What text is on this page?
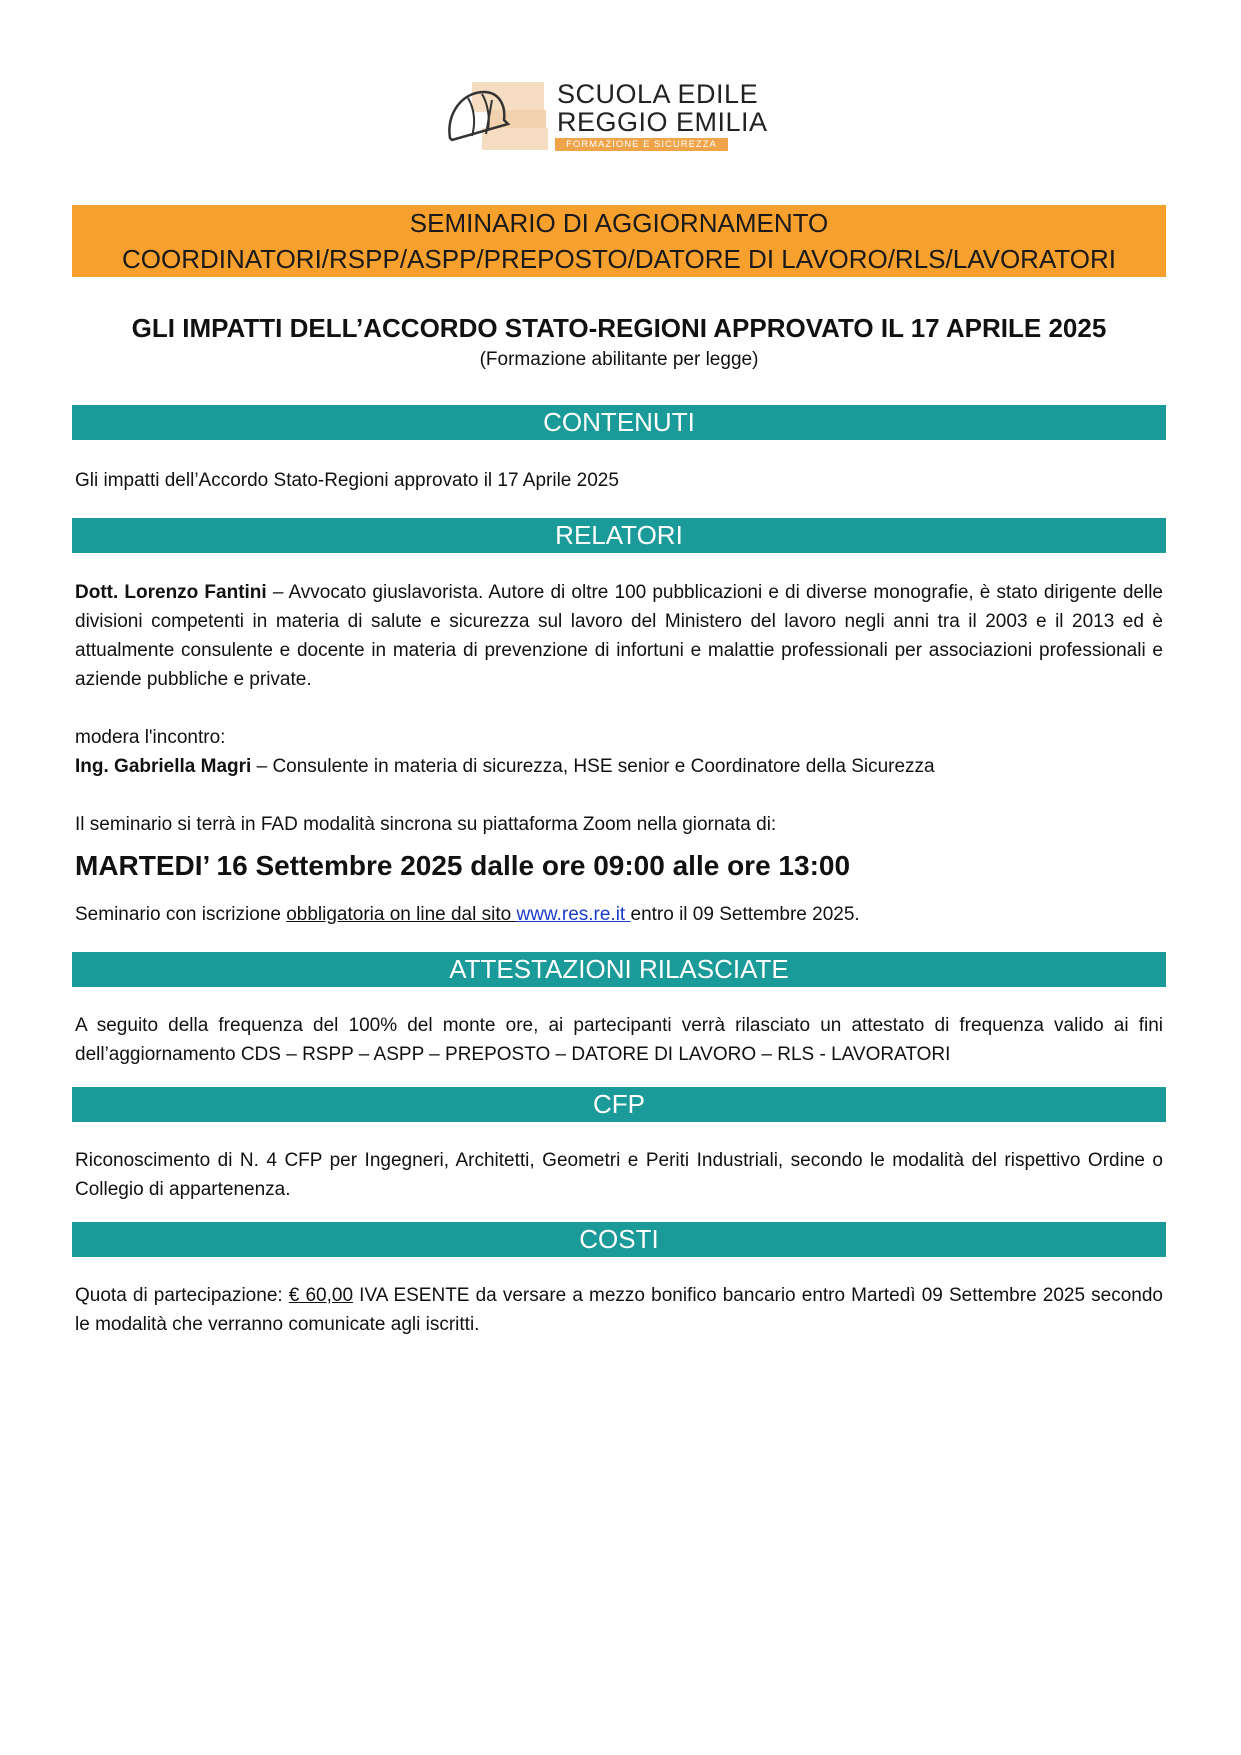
SCUOLA EDILE
REGGIO EMILIA
FORMAZIONE E SICUREZZA
SEMINARIO DI AGGIORNAMENTO
COORDINATORI/RSPP/ASPP/PREPOSTO/DATORE DI LAVORO/RLS/LAVORATORI
GLI IMPATTI DELL’ACCORDO STATO-REGIONI APPROVATO IL 17 APRILE 2025
(Formazione abilitante per legge)
CONTENUTI
Gli impatti dell’Accordo Stato-Regioni approvato il 17 Aprile 2025
RELATORI
Dott. Lorenzo Fantini – Avvocato giuslavorista. Autore di oltre 100 pubblicazioni e di diverse monografie, è stato dirigente delle divisioni competenti in materia di salute e sicurezza sul lavoro del Ministero del lavoro negli anni tra il 2003 e il 2013 ed è attualmente consulente e docente in materia di prevenzione di infortuni e malattie professionali per associazioni professionali e aziende pubbliche e private.
modera l'incontro:
Ing. Gabriella Magri – Consulente in materia di sicurezza, HSE senior e Coordinatore della Sicurezza
Il seminario si terrà in FAD modalità sincrona su piattaforma Zoom nella giornata di:
MARTEDI’ 16 Settembre 2025 dalle ore 09:00 alle ore 13:00
Seminario con iscrizione obbligatoria on line dal sito www.res.re.it entro il 09 Settembre 2025.
ATTESTAZIONI RILASCIATE
A seguito della frequenza del 100% del monte ore, ai partecipanti verrà rilasciato un attestato di frequenza valido ai fini dell’aggiornamento CDS – RSPP – ASPP – PREPOSTO – DATORE DI LAVORO – RLS - LAVORATORI
CFP
Riconoscimento di N. 4 CFP per Ingegneri, Architetti, Geometri e Periti Industriali, secondo le modalità del rispettivo Ordine o Collegio di appartenenza.
COSTI
Quota di partecipazione: € 60,00 IVA ESENTE da versare a mezzo bonifico bancario entro Martedì 09 Settembre 2025 secondo le modalità che verranno comunicate agli iscritti.
